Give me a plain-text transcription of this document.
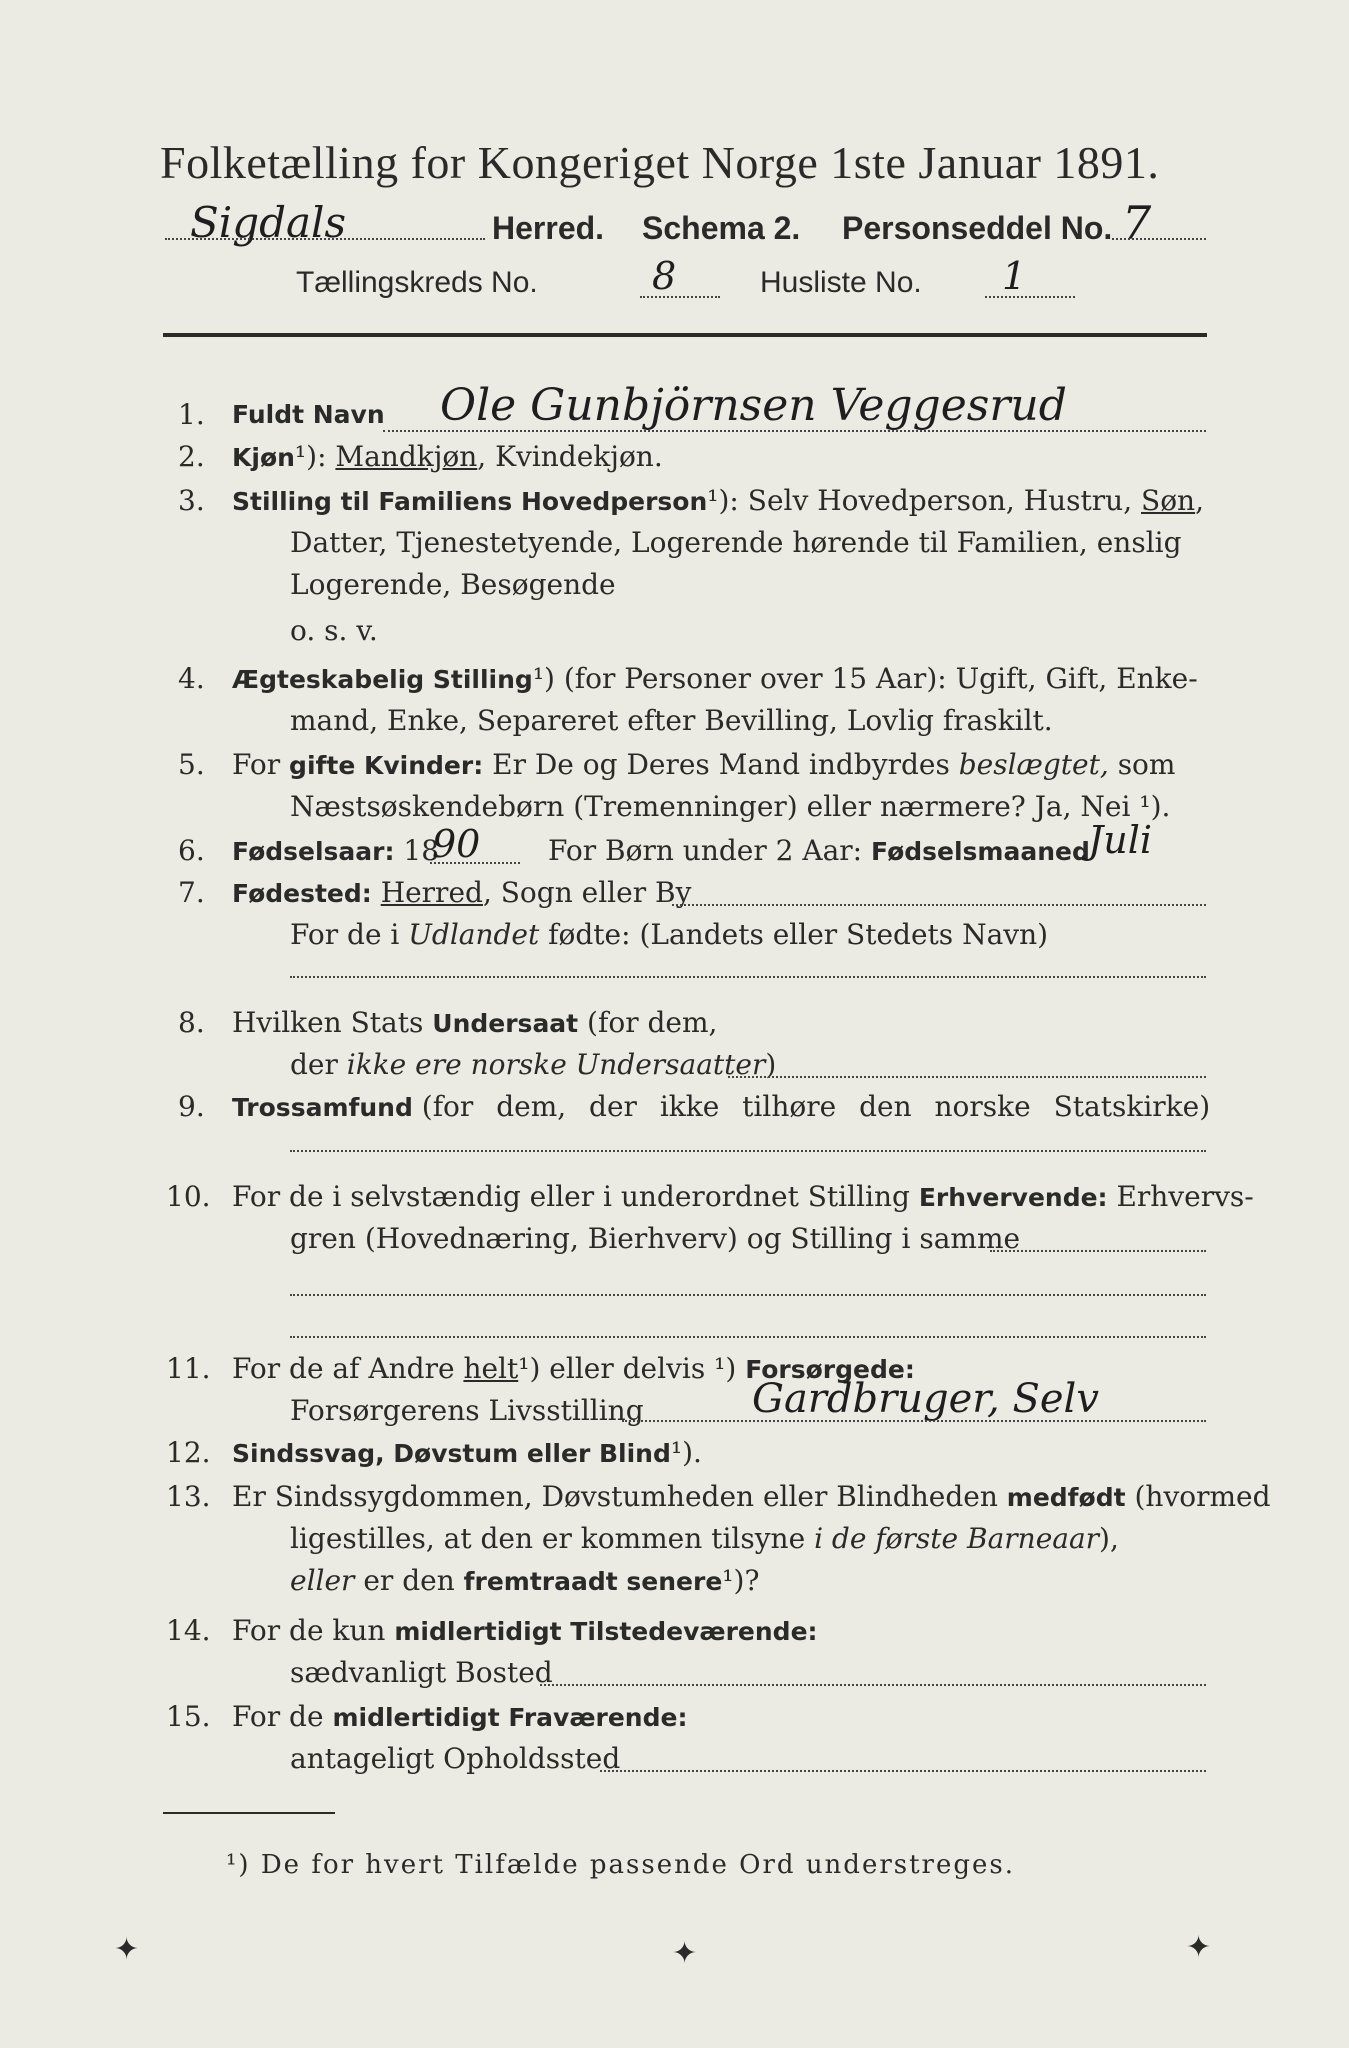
Folketælling for Kongeriget Norge 1ste Januar 1891.
Sigdals	Herred. Schema 2. Personseddel No. 7
Tællingskreds No.	8	Husliste No. 1
1. Fuldt Navn Ole Gunbjörnsen Veggesrud
2. Kjøn¹): Mandkjøn, Kvindekjøn.
3. Stilling til Familiens Hovedperson¹): Selv Hovedperson, Hustru, Søn,
Datter, Tjenestetyende, Logerende hørende til Familien, enslig
Logerende, Besøgende
o. s. v.
4. Ægteskabelig Stilling¹) (for Personer over 15 Aar): Ugift, Gift, Enke-
mand, Enke, Separeret efter Bevilling, Lovlig fraskilt.
5. For gifte Kvinder: Er De og Deres Mand indbyrdes beslægtet, som
Næstsøskendebørn (Tremenninger) eller nærmere? Ja, Nei ¹).
6. Fødselsaar: 18
90 For Børn under 2 Aar: Fødselsmaaned
Juli
7. Fødested: Herred, Sogn eller By
For de i Udlandet fødte: (Landets eller Stedets Navn)
8. Hvilken Stats Undersaat (for dem,
der ikke ere norske Undersaatter)
9. Trossamfund (for dem, der ikke tilhøre den norske Statskirke)
10. For de i selvstændig eller i underordnet Stilling Erhvervende: Erhvervs-
gren (Hovednæring, Bierhverv) og Stilling i samme
11. For de af Andre helt¹) eller delvis ¹) Forsørgede:
Forsørgerens Livsstilling	Gardbruger, Selv
12. Sindssvag, Døvstum eller Blind¹).
13. Er Sindssygdommen, Døvstumheden eller Blindheden medfødt (hvormed
ligestilles, at den er kommen tilsyne i de første Barneaar),
eller er den fremtraadt senere¹)?
14. For de kun midlertidigt Tilstedeværende:
sædvanligt Bosted
15. For de midlertidigt Fraværende:
antageligt Opholdssted
¹) De for hvert Tilfælde passende Ord understreges.
✦	✦	✦
